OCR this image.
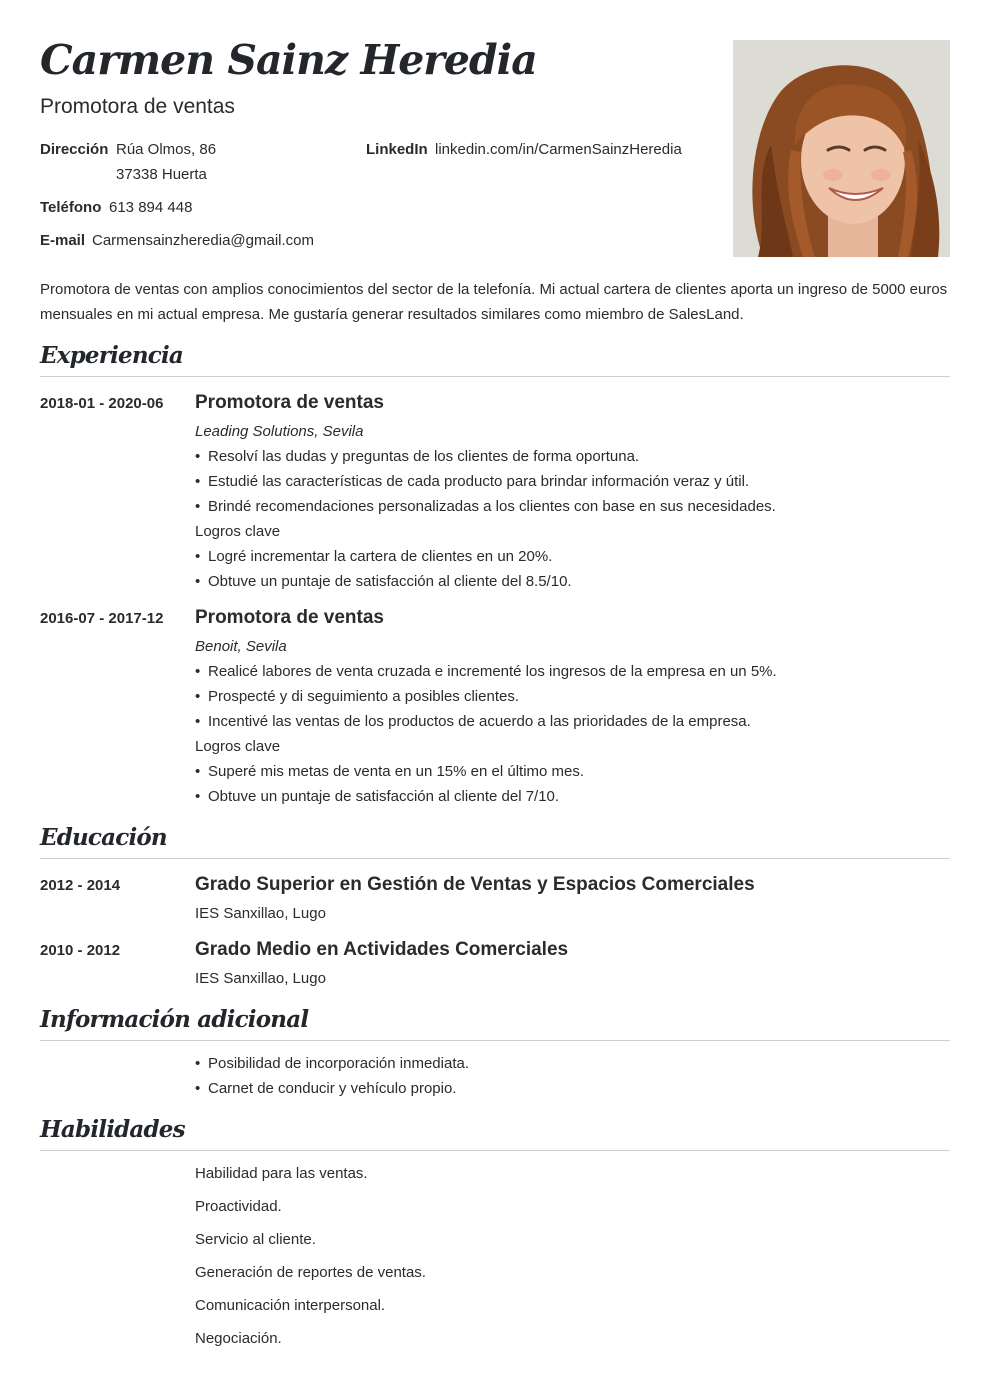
Carmen Sainz Heredia
Promotora de ventas
Dirección Rúa Olmos, 86
37338 Huerta
LinkedIn linkedin.com/in/CarmenSainzHeredia
Teléfono 613 894 448
E-mail Carmensainzheredia@gmail.com
Promotora de ventas con amplios conocimientos del sector de la telefonía. Mi actual cartera de clientes aporta un ingreso de 5000 euros mensuales en mi actual empresa. Me gustaría generar resultados similares como miembro de SalesLand.
Experiencia
2018-01 - 2020-06 Promotora de ventas
Leading Solutions, Sevila
• Resolví las dudas y preguntas de los clientes de forma oportuna.
• Estudié las características de cada producto para brindar información veraz y útil.
• Brindé recomendaciones personalizadas a los clientes con base en sus necesidades.
Logros clave
• Logré incrementar la cartera de clientes en un 20%.
• Obtuve un puntaje de satisfacción al cliente del 8.5/10.
2016-07 - 2017-12 Promotora de ventas
Benoit, Sevila
• Realicé labores de venta cruzada e incrementé los ingresos de la empresa en un 5%.
• Prospecté y di seguimiento a posibles clientes.
• Incentivé las ventas de los productos de acuerdo a las prioridades de la empresa.
Logros clave
• Superé mis metas de venta en un 15% en el último mes.
• Obtuve un puntaje de satisfacción al cliente del 7/10.
Educación
2012 - 2014	Grado Superior en Gestión de Ventas y Espacios Comerciales
IES Sanxillao, Lugo
2010 - 2012	Grado Medio en Actividades Comerciales
IES Sanxillao, Lugo
Información adicional
• Posibilidad de incorporación inmediata.
• Carnet de conducir y vehículo propio.
Habilidades
Habilidad para las ventas.
Proactividad.
Servicio al cliente.
Generación de reportes de ventas.
Comunicación interpersonal.
Negociación.
